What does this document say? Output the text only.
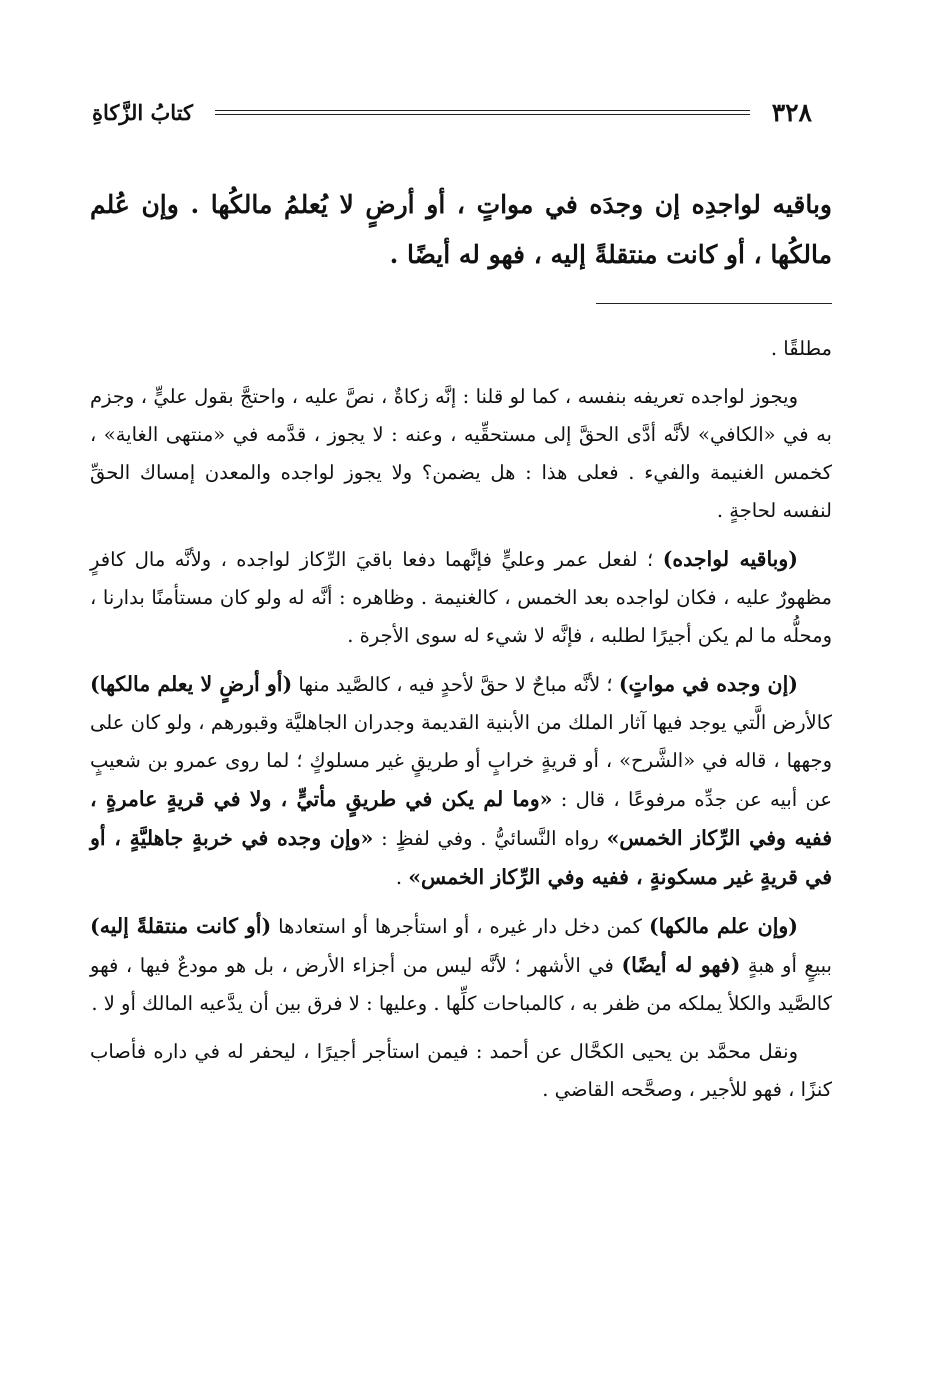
٣٢٨
كتابُ الزَّكاةِ
وباقيه لواجدِه إن وجدَه في مواتٍ ، أو أرضٍ لا يُعلمُ مالكُها . وإن عُلم مالكُها ، أو كانت منتقلةً إليه ، فهو له أيضًا .

مطلقًا .

ويجوز لواجده تعريفه بنفسه ، كما لو قلنا : إنَّه زكاةٌ ، نصَّ عليه ، واحتجَّ بقول عليٍّ ، وجزم به في «الكافي» لأنَّه أدَّى الحقَّ إلى مستحقِّيه ، وعنه : لا يجوز ، قدَّمه في «منتهى الغاية» ، كخمس الغنيمة والفيء . فعلى هذا : هل يضمن؟ ولا يجوز لواجده والمعدن إمساك الحقِّ لنفسه لحاجةٍ .

(وباقيه لواجده) ؛ لفعل عمر وعليٍّ فإنَّهما دفعا باقيَ الرِّكاز لواجده ، ولأنَّه مال كافرٍ مظهورٌ عليه ، فكان لواجده بعد الخمس ، كالغنيمة . وظاهره : أنَّه له ولو كان مستأمنًا بدارنا ، ومحلُّه ما لم يكن أجيرًا لطلبه ، فإنَّه لا شيء له سوى الأجرة .

(إن وجده في مواتٍ) ؛ لأنَّه مباحٌ لا حقَّ لأحدٍ فيه ، كالصَّيد منها (أو أرضٍ لا يعلم مالكها) كالأرض الَّتي يوجد فيها آثار الملك من الأبنية القديمة وجدران الجاهليَّة وقبورهم ، ولو كان على وجهها ، قاله في «الشَّرح» ، أو قريةٍ خرابٍ أو طريقٍ غير مسلوكٍ ؛ لما روى عمرو بن شعيبٍ عن أبيه عن جدِّه مرفوعًا ، قال : «وما لم يكن في طريقٍ مأتيٍّ ، ولا في قريةٍ عامرةٍ ، ففيه وفي الرِّكاز الخمس» رواه النَّسائيُّ . وفي لفظٍ : «وإن وجده في خربةٍ جاهليَّةٍ ، أو في قريةٍ غير مسكونةٍ ، ففيه وفي الرِّكاز الخمس» .

(وإن علم مالكها) كمن دخل دار غيره ، أو استأجرها أو استعادها (أو كانت منتقلةً إليه) ببيعٍ أو هبةٍ (فهو له أيضًا) في الأشهر ؛ لأنَّه ليس من أجزاء الأرض ، بل هو مودعٌ فيها ، فهو كالصَّيد والكلأ يملكه من ظفر به ، كالمباحات كلِّها . وعليها : لا فرق بين أن يدَّعيه المالك أو لا .

ونقل محمَّد بن يحيى الكحَّال عن أحمد : فيمن استأجر أجيرًا ، ليحفر له في داره فأصاب كنزًا ، فهو للأجير ، وصحَّحه القاضي .
